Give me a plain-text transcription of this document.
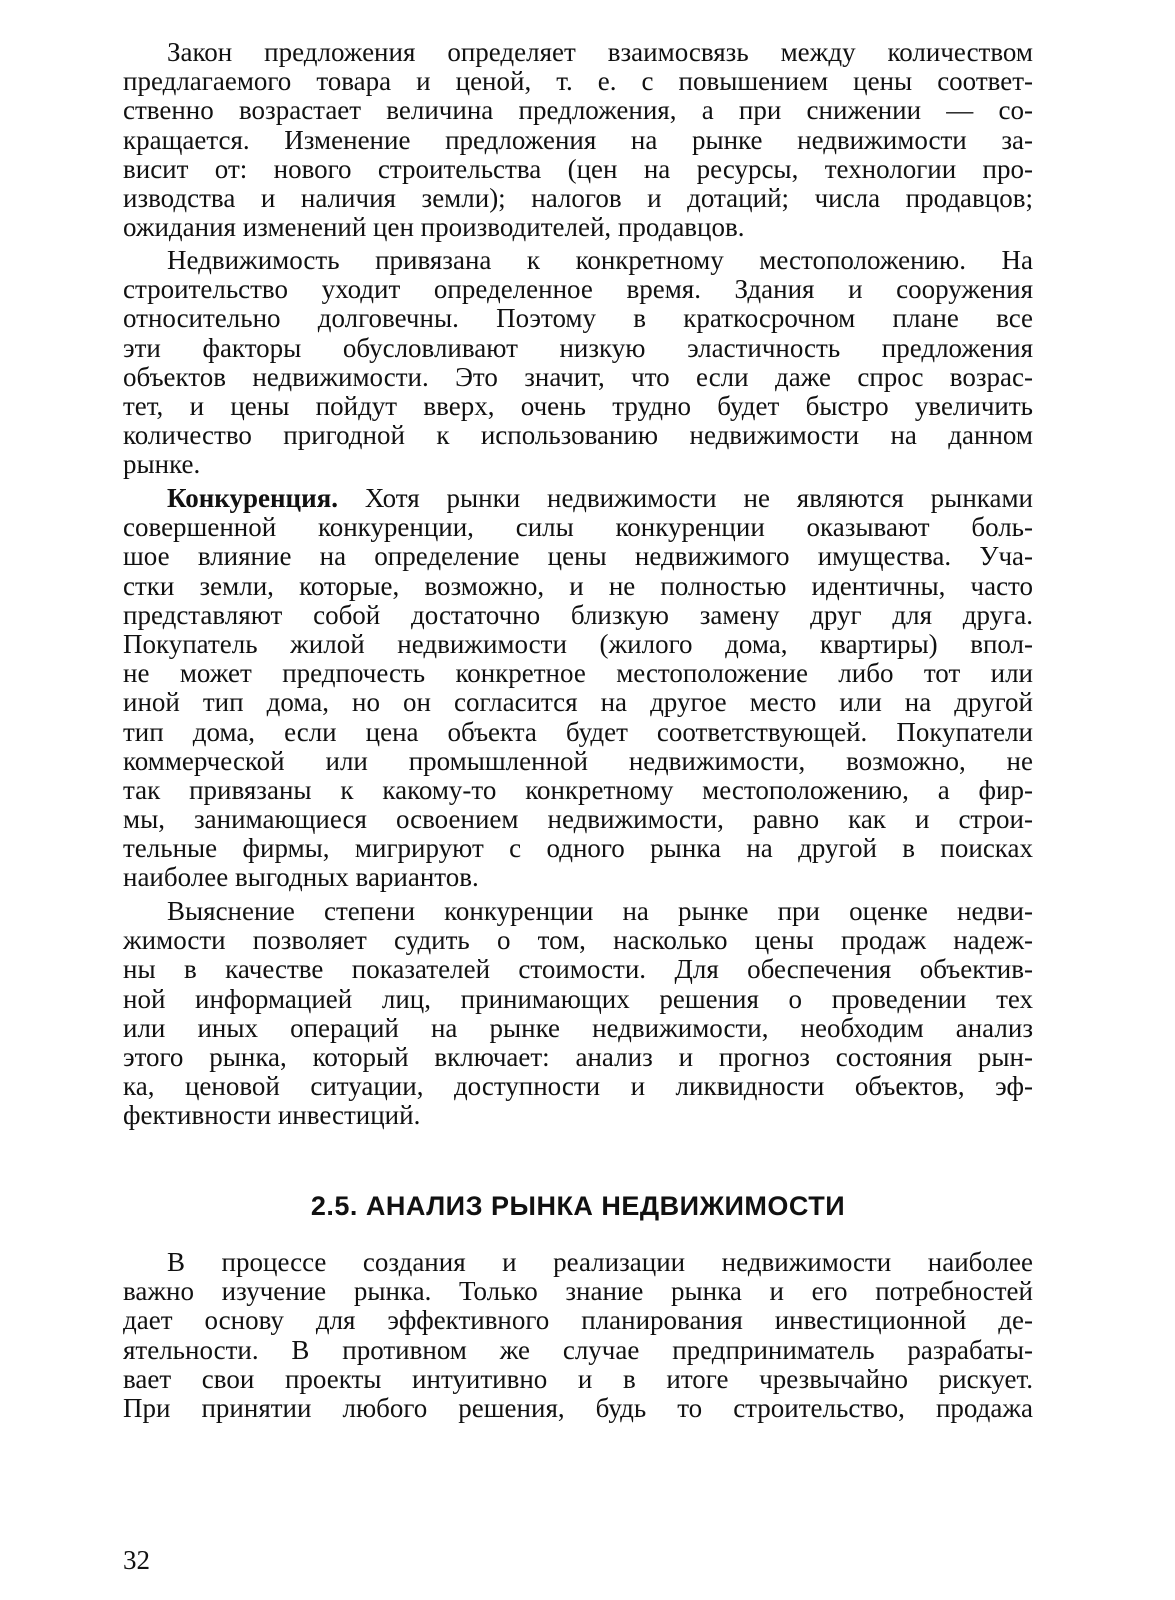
Закон предложения определяет взаимосвязь между количеством
предлагаемого товара и ценой, т. е. с повышением цены соответ-
ственно возрастает величина предложения, а при снижении — со-
кращается. Изменение предложения на рынке недвижимости за-
висит от: нового строительства (цен на ресурсы, технологии про-
изводства и наличия земли); налогов и дотаций; числа продавцов;
ожидания изменений цен производителей, продавцов.
Недвижимость привязана к конкретному местоположению. На
строительство уходит определенное время. Здания и сооружения
относительно долговечны. Поэтому в краткосрочном плане все
эти факторы обусловливают низкую эластичность предложения
объектов недвижимости. Это значит, что если даже спрос возрас-
тет, и цены пойдут вверх, очень трудно будет быстро увеличить
количество пригодной к использованию недвижимости на данном
рынке.
Конкуренция. Хотя рынки недвижимости не являются рынками
совершенной конкуренции, силы конкуренции оказывают боль-
шое влияние на определение цены недвижимого имущества. Уча-
стки земли, которые, возможно, и не полностью идентичны, часто
представляют собой достаточно близкую замену друг для друга.
Покупатель жилой недвижимости (жилого дома, квартиры) впол-
не может предпочесть конкретное местоположение либо тот или
иной тип дома, но он согласится на другое место или на другой
тип дома, если цена объекта будет соответствующей. Покупатели
коммерческой или промышленной недвижимости, возможно, не
так привязаны к какому-то конкретному местоположению, а фир-
мы, занимающиеся освоением недвижимости, равно как и строи-
тельные фирмы, мигрируют с одного рынка на другой в поисках
наиболее выгодных вариантов.
Выяснение степени конкуренции на рынке при оценке недви-
жимости позволяет судить о том, насколько цены продаж надеж-
ны в качестве показателей стоимости. Для обеспечения объектив-
ной информацией лиц, принимающих решения о проведении тех
или иных операций на рынке недвижимости, необходим анализ
этого рынка, который включает: анализ и прогноз состояния рын-
ка, ценовой ситуации, доступности и ликвидности объектов, эф-
фективности инвестиций.
2.5. АНАЛИЗ РЫНКА НЕДВИЖИМОСТИ
В процессе создания и реализации недвижимости наиболее
важно изучение рынка. Только знание рынка и его потребностей
дает основу для эффективного планирования инвестиционной де-
ятельности. В противном же случае предприниматель разрабаты-
вает свои проекты интуитивно и в итоге чрезвычайно рискует.
При принятии любого решения, будь то строительство, продажа
32
